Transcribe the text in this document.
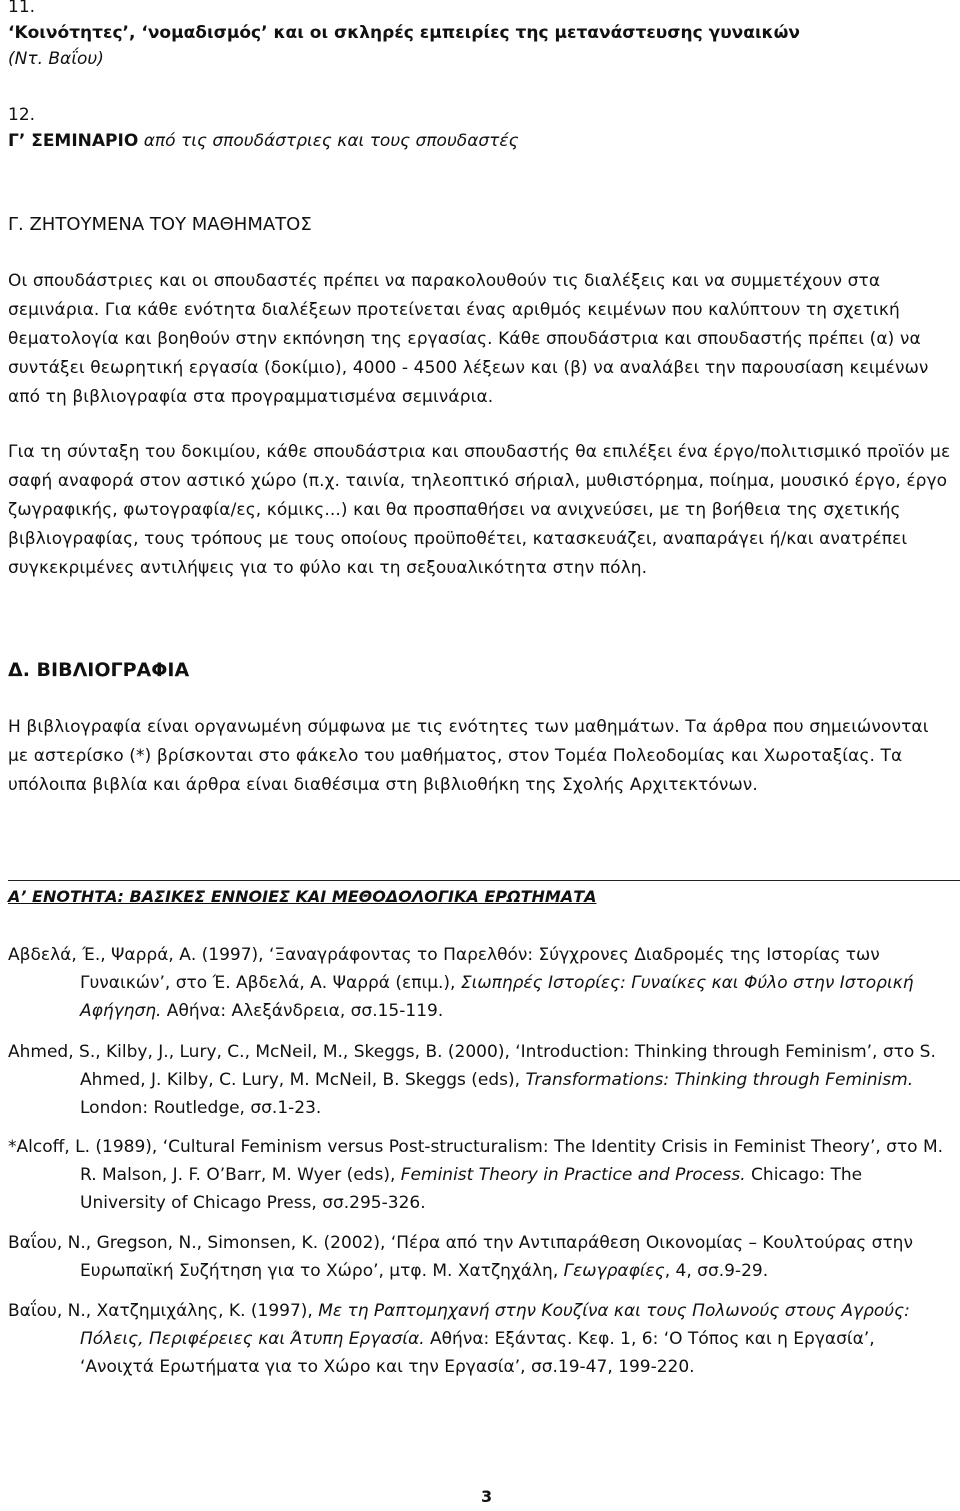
11.
‘Κοινότητες’, ‘νομαδισμός’ και οι σκληρές εμπειρίες της μετανάστευσης γυναικών
(Ντ. Βαΐου)
12.
Γ’ ΣΕΜΙΝΑΡΙΟ από τις σπουδάστριες και τους σπουδαστές
Γ. ΖΗΤΟΥΜΕΝΑ ΤΟΥ ΜΑΘΗΜΑΤΟΣ

Οι σπουδάστριες και οι σπουδαστές πρέπει να παρακολουθούν τις διαλέξεις και να συμμετέχουν στα σεμινάρια. Για κάθε ενότητα διαλέξεων προτείνεται ένας αριθμός κειμένων που καλύπτουν τη σχετική θεματολογία και βοηθούν στην εκπόνηση της εργασίας. Κάθε σπουδάστρια και σπουδαστής πρέπει (α) να συντάξει θεωρητική εργασία (δοκίμιο), 4000 - 4500 λέξεων και (β) να αναλάβει την παρουσίαση κειμένων από τη βιβλιογραφία στα προγραμματισμένα σεμινάρια.

Για τη σύνταξη του δοκιμίου, κάθε σπουδάστρια και σπουδαστής θα επιλέξει ένα έργο/πολιτισμικό προϊόν με σαφή αναφορά στον αστικό χώρο (π.χ. ταινία, τηλεοπτικό σήριαλ, μυθιστόρημα, ποίημα, μουσικό έργο, έργο ζωγραφικής, φωτογραφία/ες, κόμικς...) και θα προσπαθήσει να ανιχνεύσει, με τη βοήθεια της σχετικής βιβλιογραφίας, τους τρόπους με τους οποίους προϋποθέτει, κατασκευάζει, αναπαράγει ή/και ανατρέπει συγκεκριμένες αντιλήψεις για το φύλο και τη σεξουαλικότητα στην πόλη.

Δ. ΒΙΒΛΙΟΓΡΑΦΙΑ

Η βιβλιογραφία είναι οργανωμένη σύμφωνα με τις ενότητες των μαθημάτων. Τα άρθρα που σημειώνονται με αστερίσκο (*) βρίσκονται στο φάκελο του μαθήματος, στον Τομέα Πολεοδομίας και Χωροταξίας. Τα υπόλοιπα βιβλία και άρθρα είναι διαθέσιμα στη βιβλιοθήκη της Σχολής Αρχιτεκτόνων.

Α’ ΕΝΟΤΗΤΑ: ΒΑΣΙΚΕΣ ΕΝΝΟΙΕΣ ΚΑΙ ΜΕΘΟΔΟΛΟΓΙΚΑ ΕΡΩΤΗΜΑΤΑ

Αβδελά, Έ., Ψαρρά, Α. (1997), ‘Ξαναγράφοντας το Παρελθόν: Σύγχρονες Διαδρομές της Ιστορίας των Γυναικών’, στο Έ. Αβδελά, Α. Ψαρρά (επιμ.), Σιωπηρές Ιστορίες: Γυναίκες και Φύλο στην Ιστορική Αφήγηση. Αθήνα: Αλεξάνδρεια, σσ.15-119.

Ahmed, S., Kilby, J., Lury, C., McNeil, M., Skeggs, B. (2000), ‘Introduction: Thinking through Feminism’, στο S. Ahmed, J. Kilby, C. Lury, M. McNeil, B. Skeggs (eds), Transformations: Thinking through Feminism. London: Routledge, σσ.1-23.

*Alcoff, L. (1989), ‘Cultural Feminism versus Post-structuralism: The Identity Crisis in Feminist Theory’, στο M. R. Malson, J. F. O’Barr, M. Wyer (eds), Feminist Theory in Practice and Process. Chicago: The University of Chicago Press, σσ.295-326.

Βαΐου, Ν., Gregson, N., Simonsen, K. (2002), ‘Πέρα από την Αντιπαράθεση Οικονομίας – Κουλτούρας στην Ευρωπαϊκή Συζήτηση για το Χώρο’, μτφ. Μ. Χατζηχάλη, Γεωγραφίες, 4, σσ.9-29.

Βαΐου, Ν., Χατζημιχάλης, Κ. (1997), Με τη Ραπτομηχανή στην Κουζίνα και τους Πολωνούς στους Αγρούς: Πόλεις, Περιφέρειες και Άτυπη Εργασία. Αθήνα: Εξάντας. Κεφ. 1, 6: ‘Ο Τόπος και η Εργασία’, ‘Ανοιχτά Ερωτήματα για το Χώρο και την Εργασία’, σσ.19-47, 199-220.

3
